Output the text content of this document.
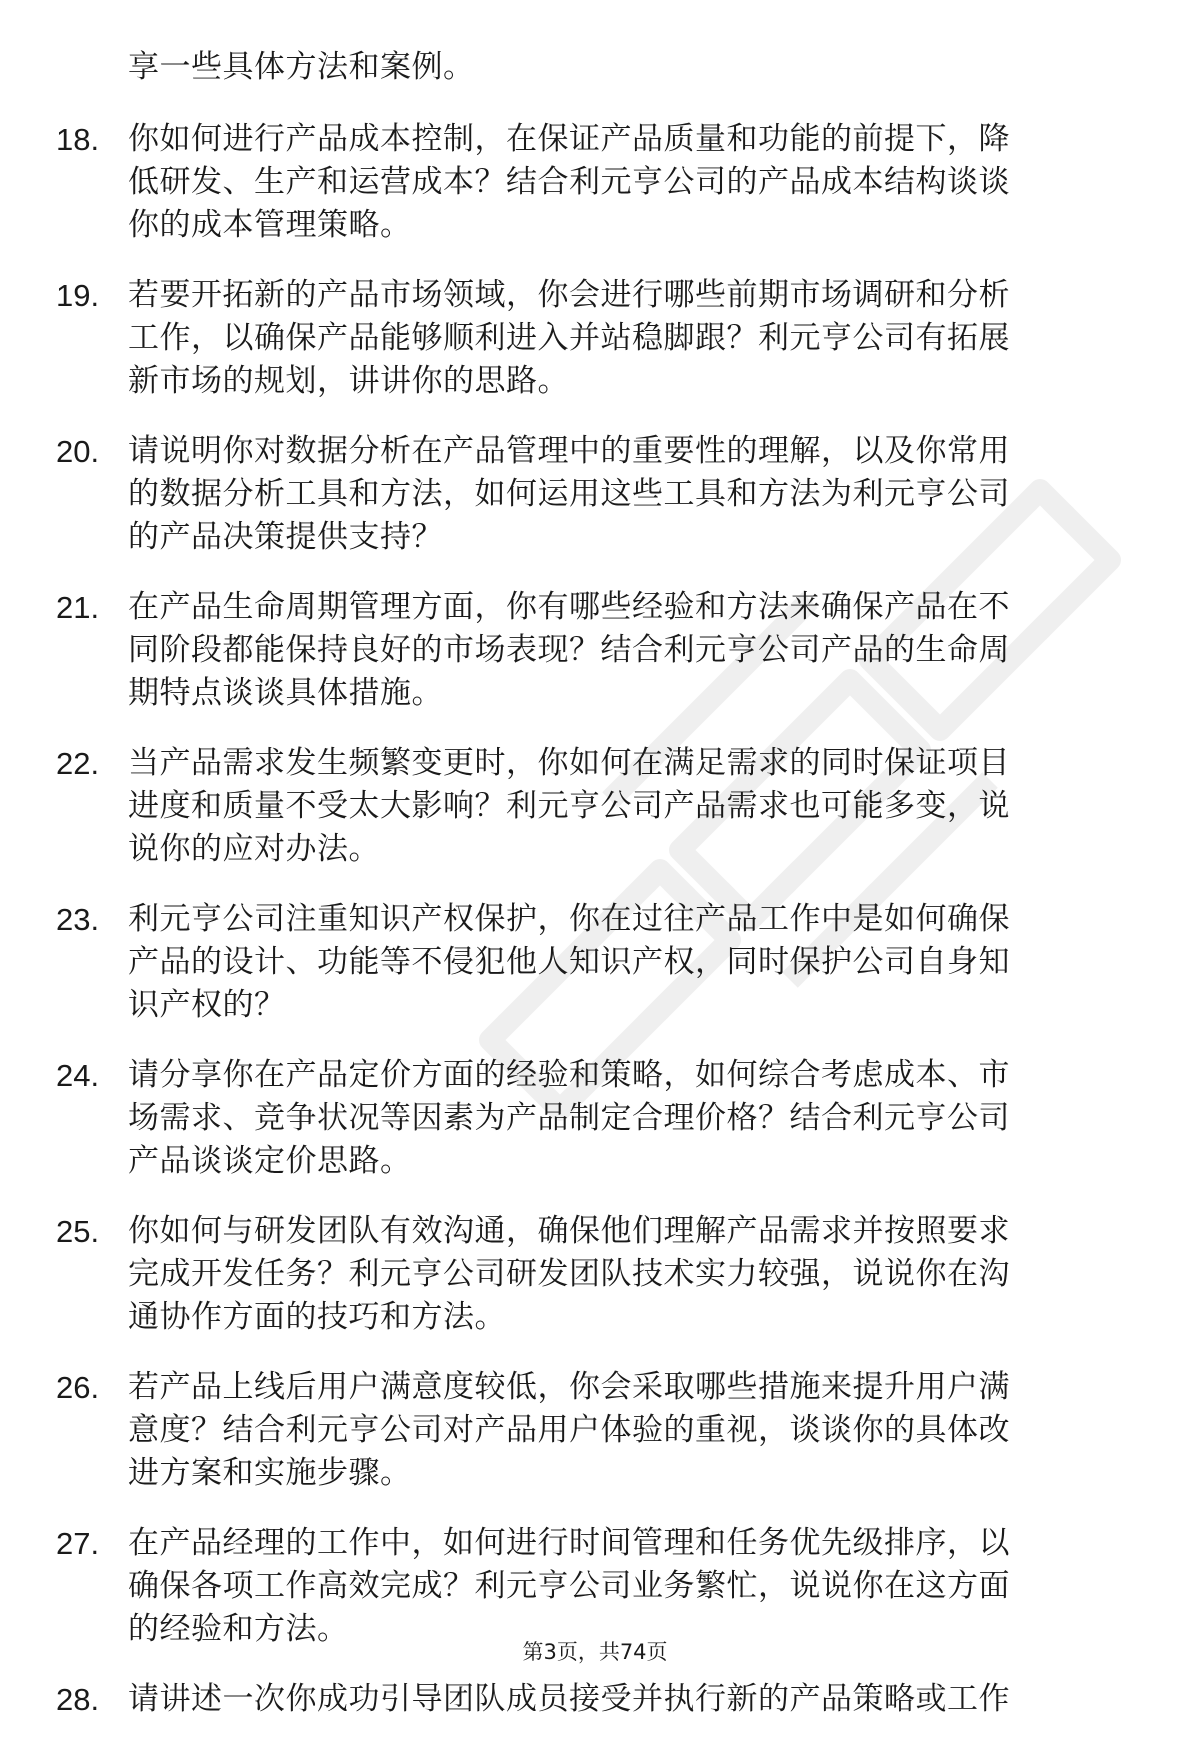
享一些具体方法和案例。
18. 你如何进行产品成本控制，在保证产品质量和功能的前提下，降
低研发、生产和运营成本？结合利元亨公司的产品成本结构谈谈
你的成本管理策略。
19. 若要开拓新的产品市场领域，你会进行哪些前期市场调研和分析
工作，以确保产品能够顺利进入并站稳脚跟？利元亨公司有拓展
新市场的规划，讲讲你的思路。
20. 请说明你对数据分析在产品管理中的重要性的理解，以及你常用
的数据分析工具和方法，如何运用这些工具和方法为利元亨公司
的产品决策提供支持？
21. 在产品生命周期管理方面，你有哪些经验和方法来确保产品在不
同阶段都能保持良好的市场表现？结合利元亨公司产品的生命周
期特点谈谈具体措施。
22. 当产品需求发生频繁变更时，你如何在满足需求的同时保证项目
进度和质量不受太大影响？利元亨公司产品需求也可能多变，说
说你的应对办法。
23. 利元亨公司注重知识产权保护，你在过往产品工作中是如何确保
产品的设计、功能等不侵犯他人知识产权，同时保护公司自身知
识产权的？
24. 请分享你在产品定价方面的经验和策略，如何综合考虑成本、市
场需求、竞争状况等因素为产品制定合理价格？结合利元亨公司
产品谈谈定价思路。
25. 你如何与研发团队有效沟通，确保他们理解产品需求并按照要求
完成开发任务？利元亨公司研发团队技术实力较强，说说你在沟
通协作方面的技巧和方法。
26. 若产品上线后用户满意度较低，你会采取哪些措施来提升用户满
意度？结合利元亨公司对产品用户体验的重视，谈谈你的具体改
进方案和实施步骤。
27. 在产品经理的工作中，如何进行时间管理和任务优先级排序，以
确保各项工作高效完成？利元亨公司业务繁忙，说说你在这方面
的经验和方法。
28. 请讲述一次你成功引导团队成员接受并执行新的产品策略或工作
第3页，共74页
